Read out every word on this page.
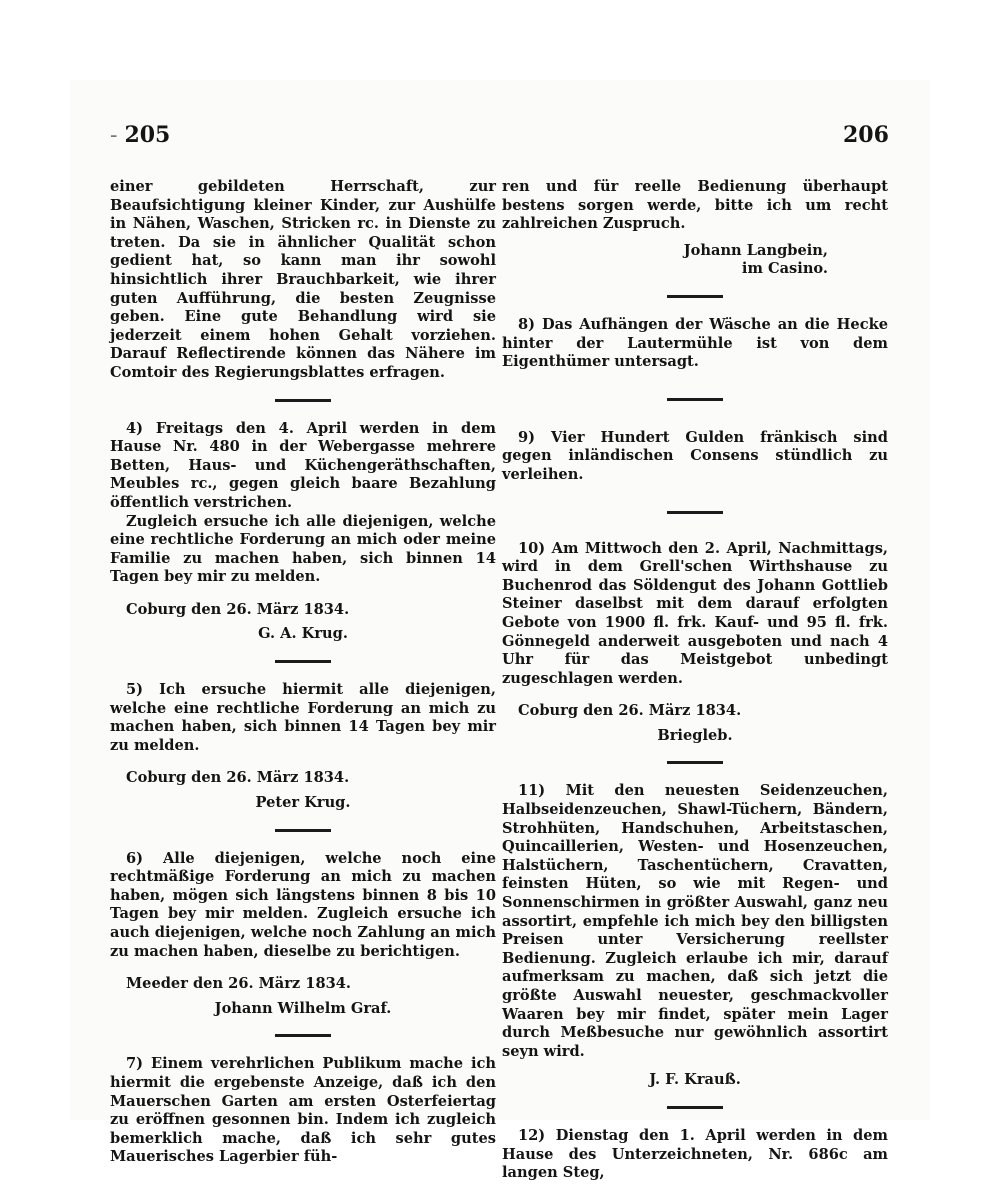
- 205	206

einer gebildeten Herrschaft, zur Beaufsichtigung kleiner Kinder, zur Aushülfe in Nähen, Waschen, Stricken rc. in Dienste zu treten. Da sie in ähnlicher Qualität schon gedient hat, so kann man ihr sowohl hinsichtlich ihrer Brauchbarkeit, wie ihrer guten Aufführung, die besten Zeugnisse geben. Eine gute Behandlung wird sie jederzeit einem hohen Gehalt vorziehen. Darauf Reflectirende können das Nähere im Comtoir des Regierungsblattes erfragen.

4) Freitags den 4. April werden in dem Hause Nr. 480 in der Webergasse mehrere Betten, Haus- und Küchengeräthschaften, Meubles rc., gegen gleich baare Bezahlung öffentlich verstrichen.

Zugleich ersuche ich alle diejenigen, welche eine rechtliche Forderung an mich oder meine Familie zu machen haben, sich binnen 14 Tagen bey mir zu melden.

Coburg den 26. März 1834.

G. A. Krug.

5) Ich ersuche hiermit alle diejenigen, welche eine rechtliche Forderung an mich zu machen haben, sich binnen 14 Tagen bey mir zu melden.

Coburg den 26. März 1834.

Peter Krug.

6) Alle diejenigen, welche noch eine rechtmäßige Forderung an mich zu machen haben, mögen sich längstens binnen 8 bis 10 Tagen bey mir melden. Zugleich ersuche ich auch diejenigen, welche noch Zahlung an mich zu machen haben, dieselbe zu berichtigen.

Meeder den 26. März 1834.

Johann Wilhelm Graf.

7) Einem verehrlichen Publikum mache ich hiermit die ergebenste Anzeige, daß ich den Mauerschen Garten am ersten Osterfeiertag zu eröffnen gesonnen bin. Indem ich zugleich bemerklich mache, daß ich sehr gutes Mauerisches Lagerbier füh-

ren und für reelle Bedienung überhaupt bestens sorgen werde, bitte ich um recht zahlreichen Zuspruch.

Johann Langbein,

im Casino.

8) Das Aufhängen der Wäsche an die Hecke hinter der Lautermühle ist von dem Eigenthümer untersagt.

9) Vier Hundert Gulden fränkisch sind gegen inländischen Consens stündlich zu verleihen.

10) Am Mittwoch den 2. April, Nachmittags, wird in dem Grell'schen Wirthshause zu Buchenrod das Söldengut des Johann Gottlieb Steiner daselbst mit dem darauf erfolgten Gebote von 1900 fl. frk. Kauf- und 95 fl. frk. Gönnegeld anderweit ausgeboten und nach 4 Uhr für das Meistgebot unbedingt zugeschlagen werden.

Coburg den 26. März 1834.

Brieglеb.

11) Mit den neuesten Seidenzeuchen, Halbseidenzeuchen, Shawl-Tüchern, Bändern, Strohhüten, Handschuhen, Arbeitstaschen, Quincaillerien, Westen- und Hosenzeuchen, Halstüchern, Taschentüchern, Cravatten, feinsten Hüten, so wie mit Regen- und Sonnenschirmen in größter Auswahl, ganz neu assortirt, empfehle ich mich bey den billigsten Preisen unter Versicherung reellster Bedienung. Zugleich erlaube ich mir, darauf aufmerksam zu machen, daß sich jetzt die größte Auswahl neuester, geschmackvoller Waaren bey mir findet, später mein Lager durch Meßbesuche nur gewöhnlich assortirt seyn wird.

J. F. Krauß.

12) Dienstag den 1. April werden in dem Hause des Unterzeichneten, Nr. 686c am langen Steg,
